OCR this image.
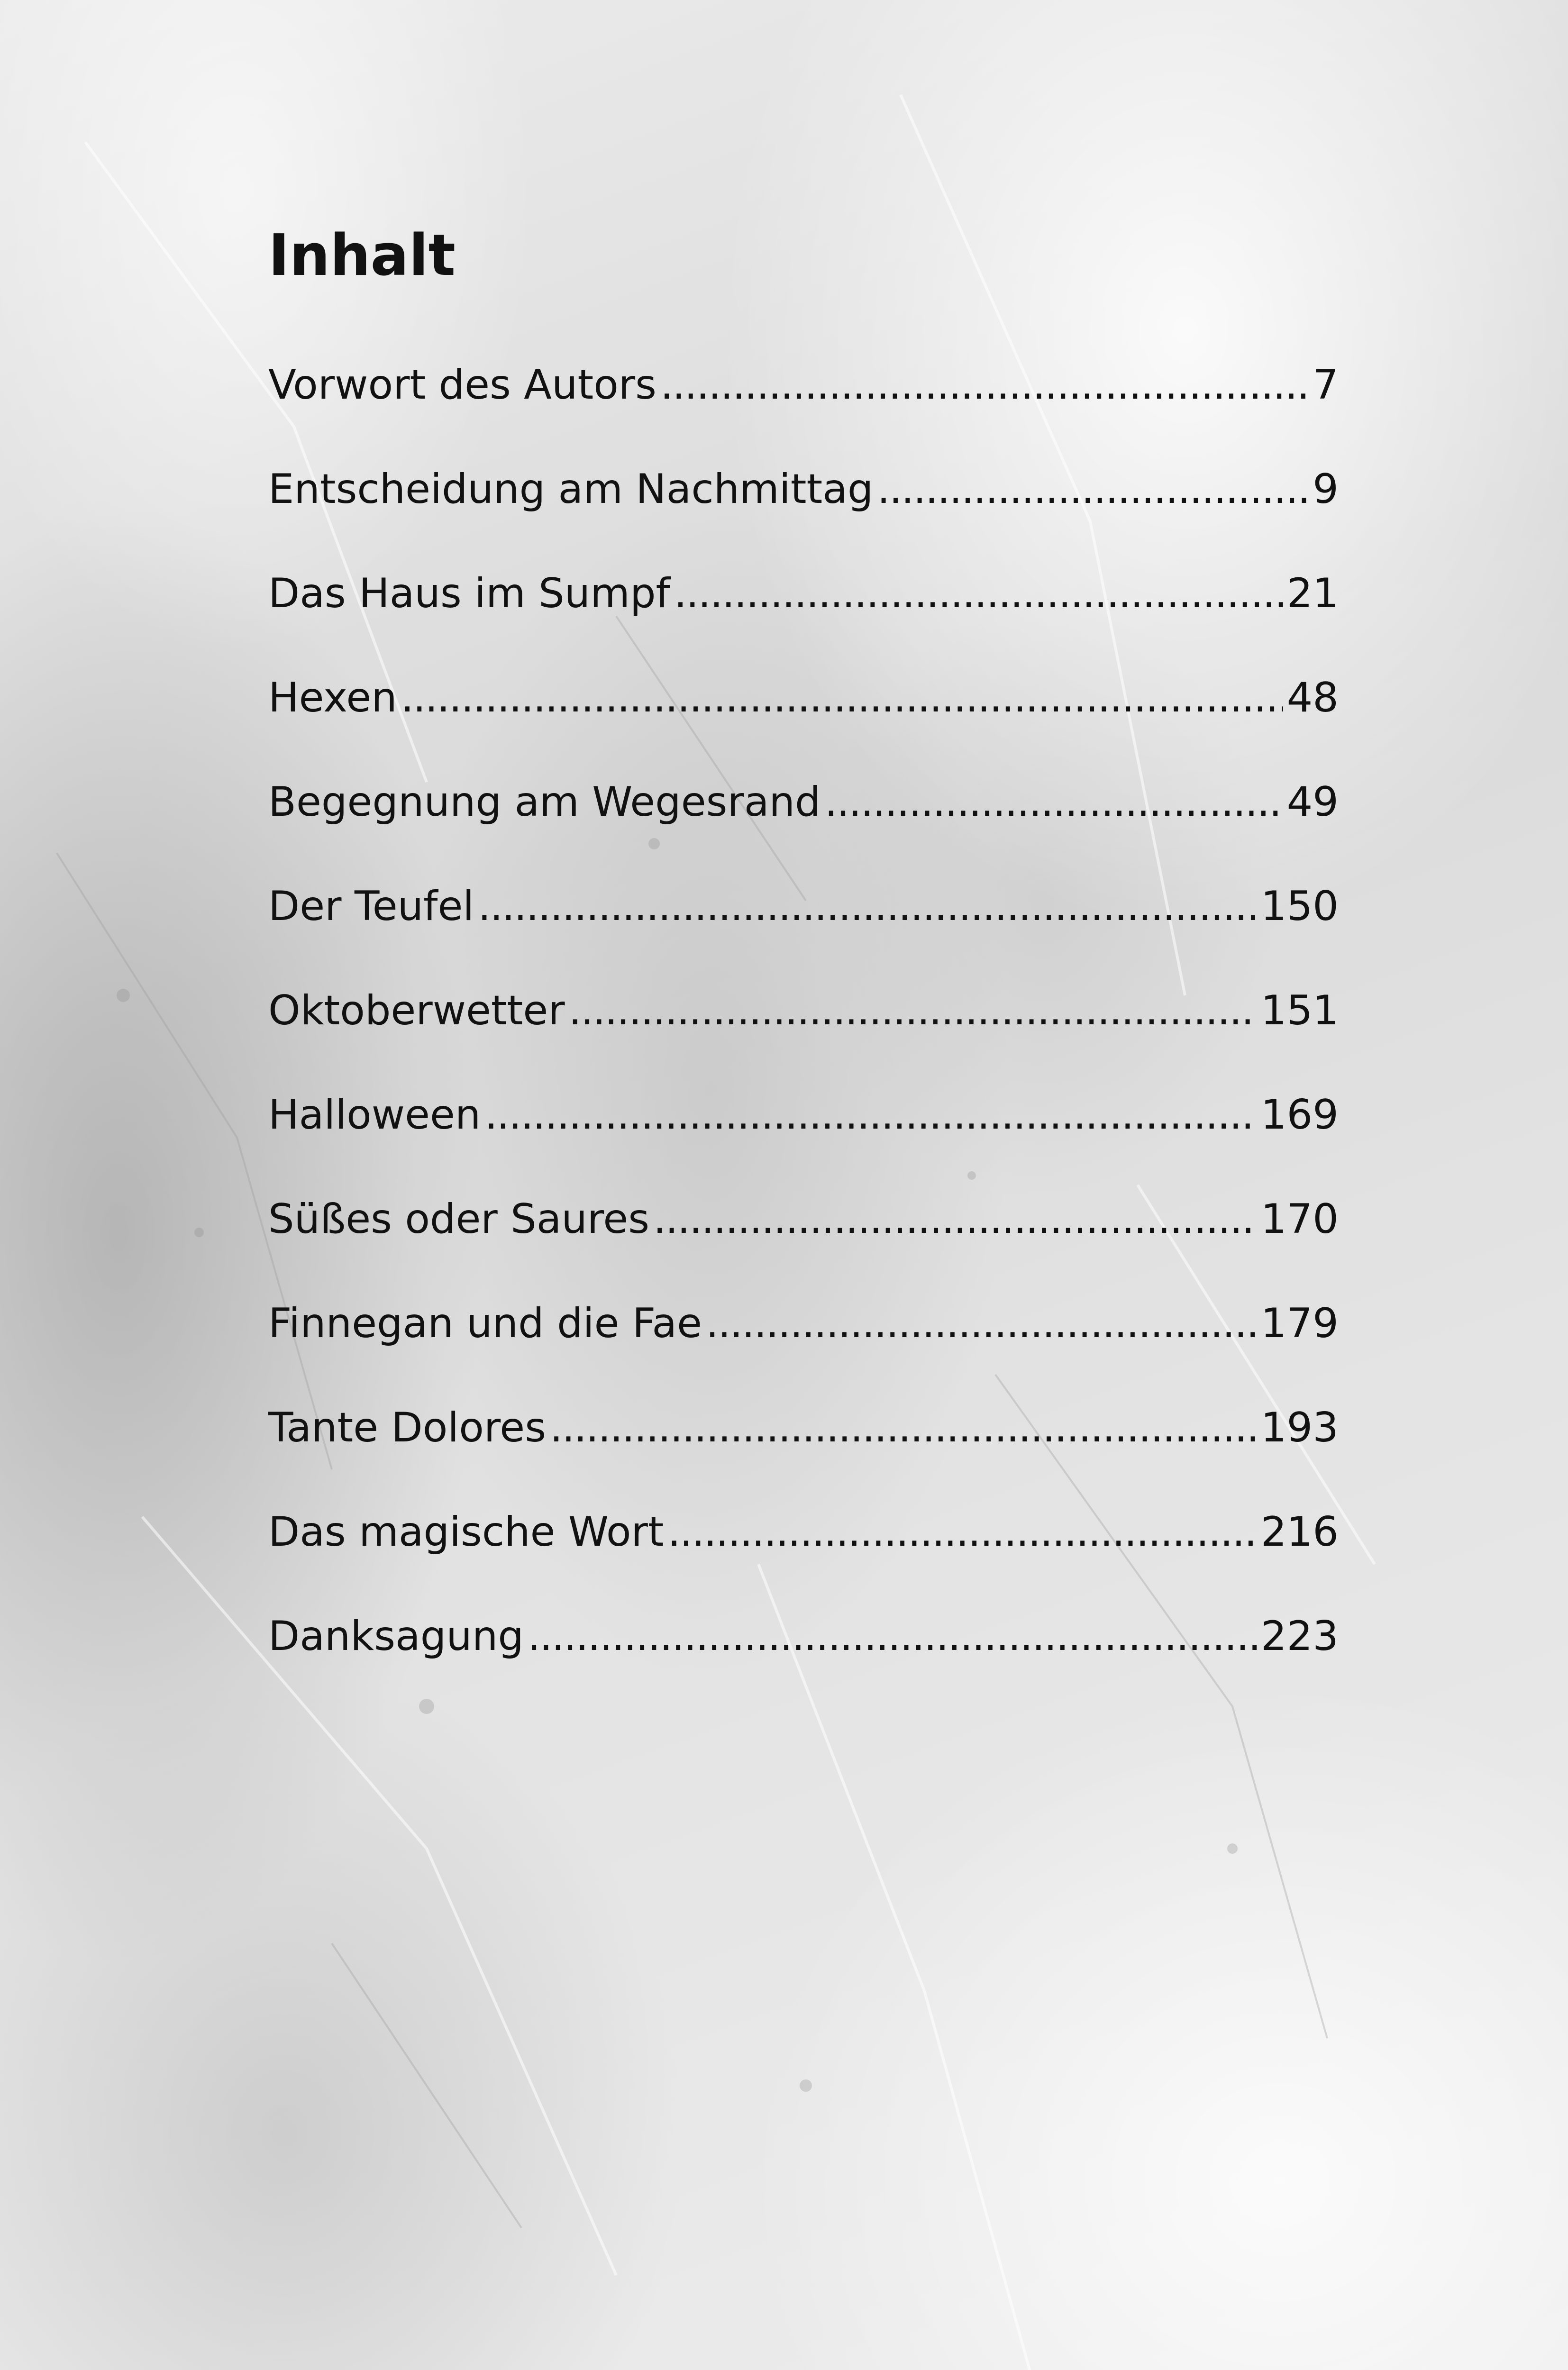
Inhalt
Vorwort des Autors .....	7
Entscheidung am Nachmittag .....	9
Das Haus im Sumpf .....	21
Hexen .....	48
Begegnung am Wegesrand .....	49
Der Teufel .....	150
Oktoberwetter .....	151
Halloween .....	169
Süßes oder Saures .....	170
Finnegan und die Fae .....	179
Tante Dolores .....	193
Das magische Wort .....	216
Danksagung .....	223
